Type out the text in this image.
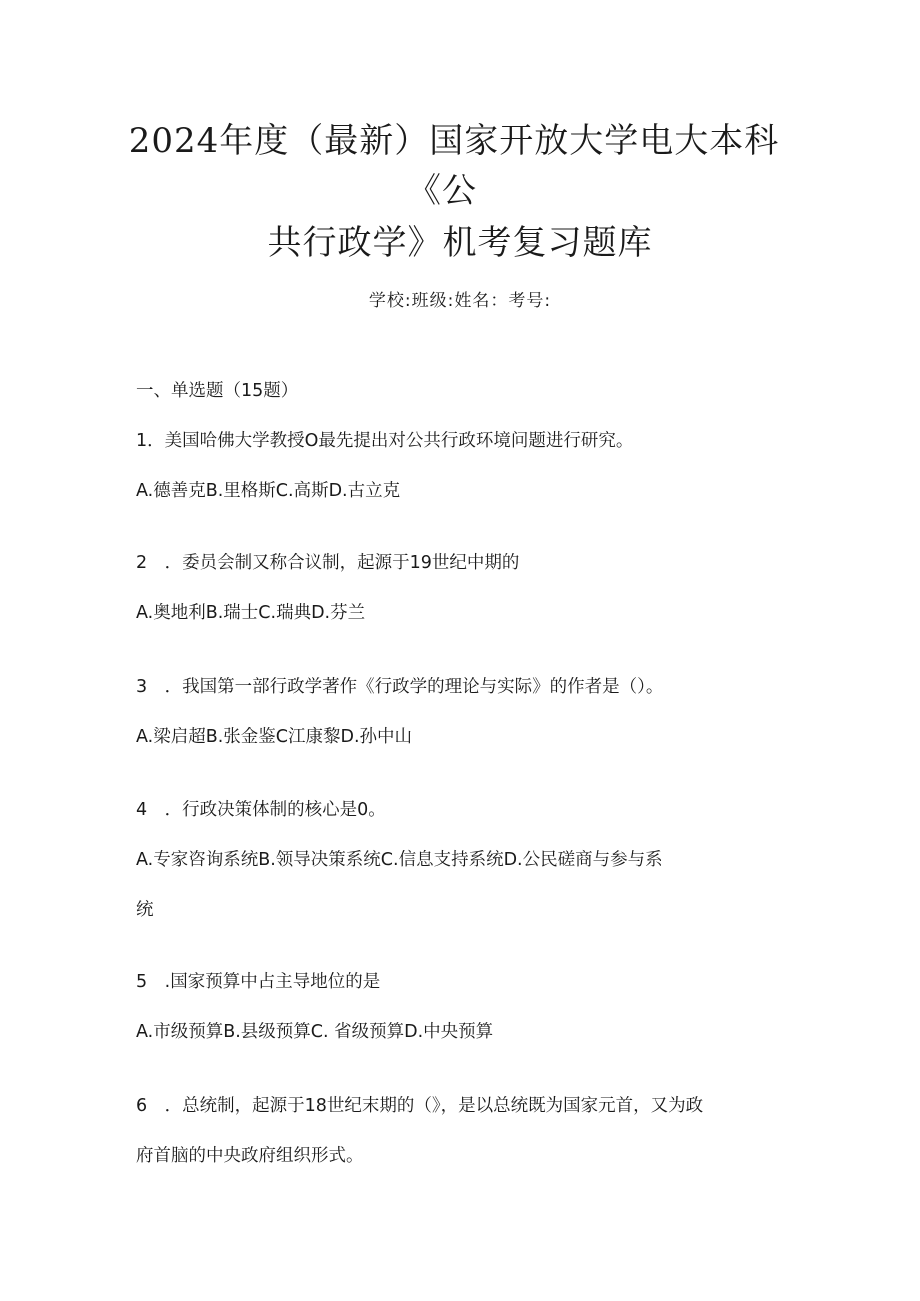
2024年度（最新）国家开放大学电大本科
《公
共行政学》机考复习题库
学校:班级:姓名：考号:
一、单选题（15题）
1．美国哈佛大学教授O最先提出对公共行政环境问题进行研究。
A.德善克B.里格斯C.高斯D.古立克
2　．委员会制又称合议制，起源于19世纪中期的
A.奥地利B.瑞士C.瑞典D.芬兰
3　．我国第一部行政学著作《行政学的理论与实际》的作者是（）。
A.梁启超B.张金鉴C江康黎D.孙中山
4　．行政决策体制的核心是0。
A.专家咨询系统B.领导决策系统C.信息支持系统D.公民磋商与参与系
统
5　.国家预算中占主导地位的是
A.市级预算B.县级预算C. 省级预算D.中央预算
6　．总统制，起源于18世纪末期的（》，是以总统既为国家元首，又为政
府首脑的中央政府组织形式。
